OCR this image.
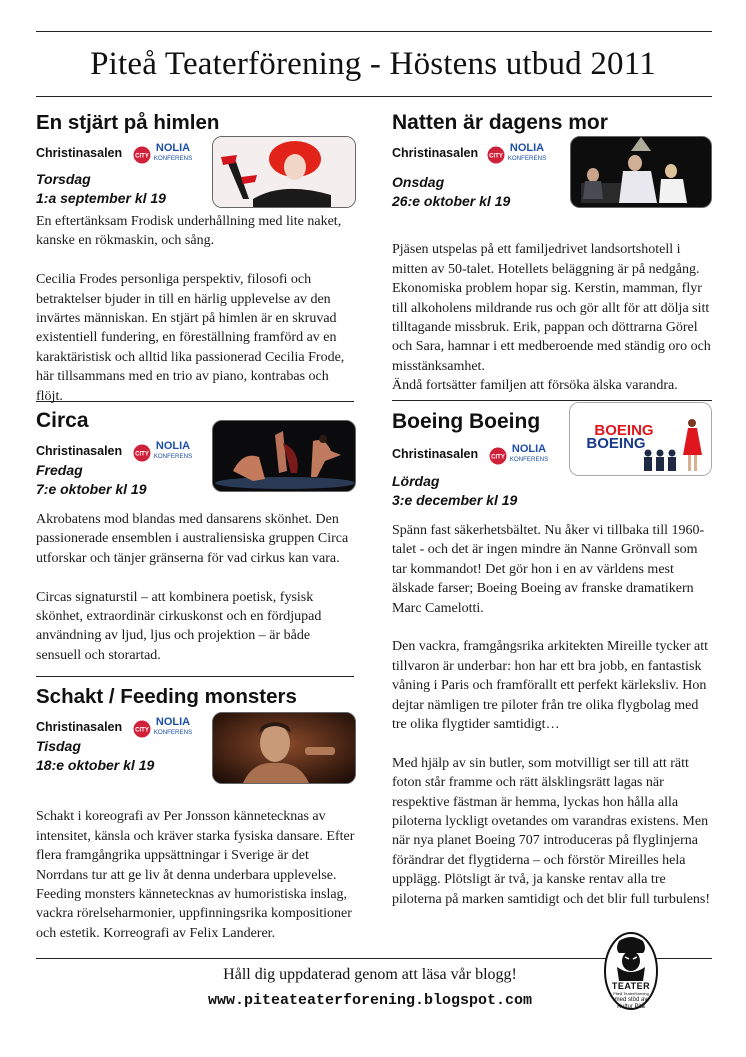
Piteå Teaterförening - Höstens utbud 2011
En stjärt på himlen
Christinasalen CITY
NOLIA
KONFERENS
Torsdag
1:a september kl 19

En eftertänksam Frodisk underhållning med lite naket, kanske en rökmaskin, och sång.

Cecilia Frodes personliga perspektiv, filosofi och betraktelser bjuder in till en härlig upplevelse av den invärtes människan. En stjärt på himlen är en skruvad existentiell fundering, en föreställning framförd av en karaktäristisk och alltid lika passionerad Cecilia Frode, här tillsammans med en trio av piano, kontrabas och flöjt.

Circa
Christinasalen CITY
NOLIA
KONFERENS
Fredag
7:e oktober kl 19

Akrobatens mod blandas med dansarens skönhet. Den passionerade ensemblen i australiensiska gruppen Circa utforskar och tänjer gränserna för vad cirkus kan vara.

Circas signaturstil – att kombinera poetisk, fysisk skönhet, extraordinär cirkuskonst och en fördjupad användning av ljud, ljus och projektion – är både sensuell och storartad.

Schakt / Feeding monsters
Christinasalen CITY
NOLIA
KONFERENS
Tisdag
18:e oktober kl 19

Schakt i koreografi av Per Jonsson kännetecknas av intensitet, känsla och kräver starka fysiska dansare. Efter flera framgångrika uppsättningar i Sverige är det Norrdans tur att ge liv åt denna underbara upplevelse.
Feeding monsters kännetecknas av humoristiska inslag, vackra rörelseharmonier, uppfinningsrika kompositioner och estetik. Korreografi av Felix Landerer.

Natten är dagens mor
Christinasalen CITY
NOLIA
KONFERENS
Onsdag
26:e oktober kl 19

Pjäsen utspelas på ett familjedrivet landsortshotell i mitten av 50-talet. Hotellets beläggning är på nedgång.
Ekonomiska problem hopar sig. Kerstin, mamman, flyr till alkoholens mildrande rus och gör allt för att dölja sitt tilltagande missbruk. Erik, pappan och döttrarna Görel och Sara, hamnar i ett medberoende med ständig oro och misstänksamhet.
Ändå fortsätter familjen att försöka älska varandra.

Boeing Boeing
Christinasalen CITY
NOLIA
KONFERENS
Lördag
3:e december kl 19
BOEING
BOEING

Spänn fast säkerhetsbältet. Nu åker vi tillbaka till 1960-talet - och det är ingen mindre än Nanne Grönvall som tar kommandot! Det gör hon i en av världens mest älskade farser; Boeing Boeing av franske dramatikern Marc Camelotti.

Den vackra, framgångsrika arkitekten Mireille tycker att tillvaron är underbar: hon har ett bra jobb, en fantastisk våning i Paris och framförallt ett perfekt kärleksliv. Hon dejtar nämligen tre piloter från tre olika flygbolag med tre olika flygtider samtidigt…

Med hjälp av sin butler, som motvilligt ser till att rätt foton står framme och rätt älsklingsrätt lagas när respektive fästman är hemma, lyckas hon hålla alla piloterna lyckligt ovetandes om varandras existens. Men när nya planet Boeing 707 introduceras på flyglinjerna förändrar det flygtiderna – och förstör Mireilles hela upplägg. Plötsligt är två, ja kanske rentav alla tre piloterna på marken samtidigt och det blir full turbulens!

Håll dig uppdaterad genom att läsa vår blogg!
www.piteateaterforening.blogspot.com
TEATER
Piteå Teaterförening
med stöd av
Kultur Pitå
